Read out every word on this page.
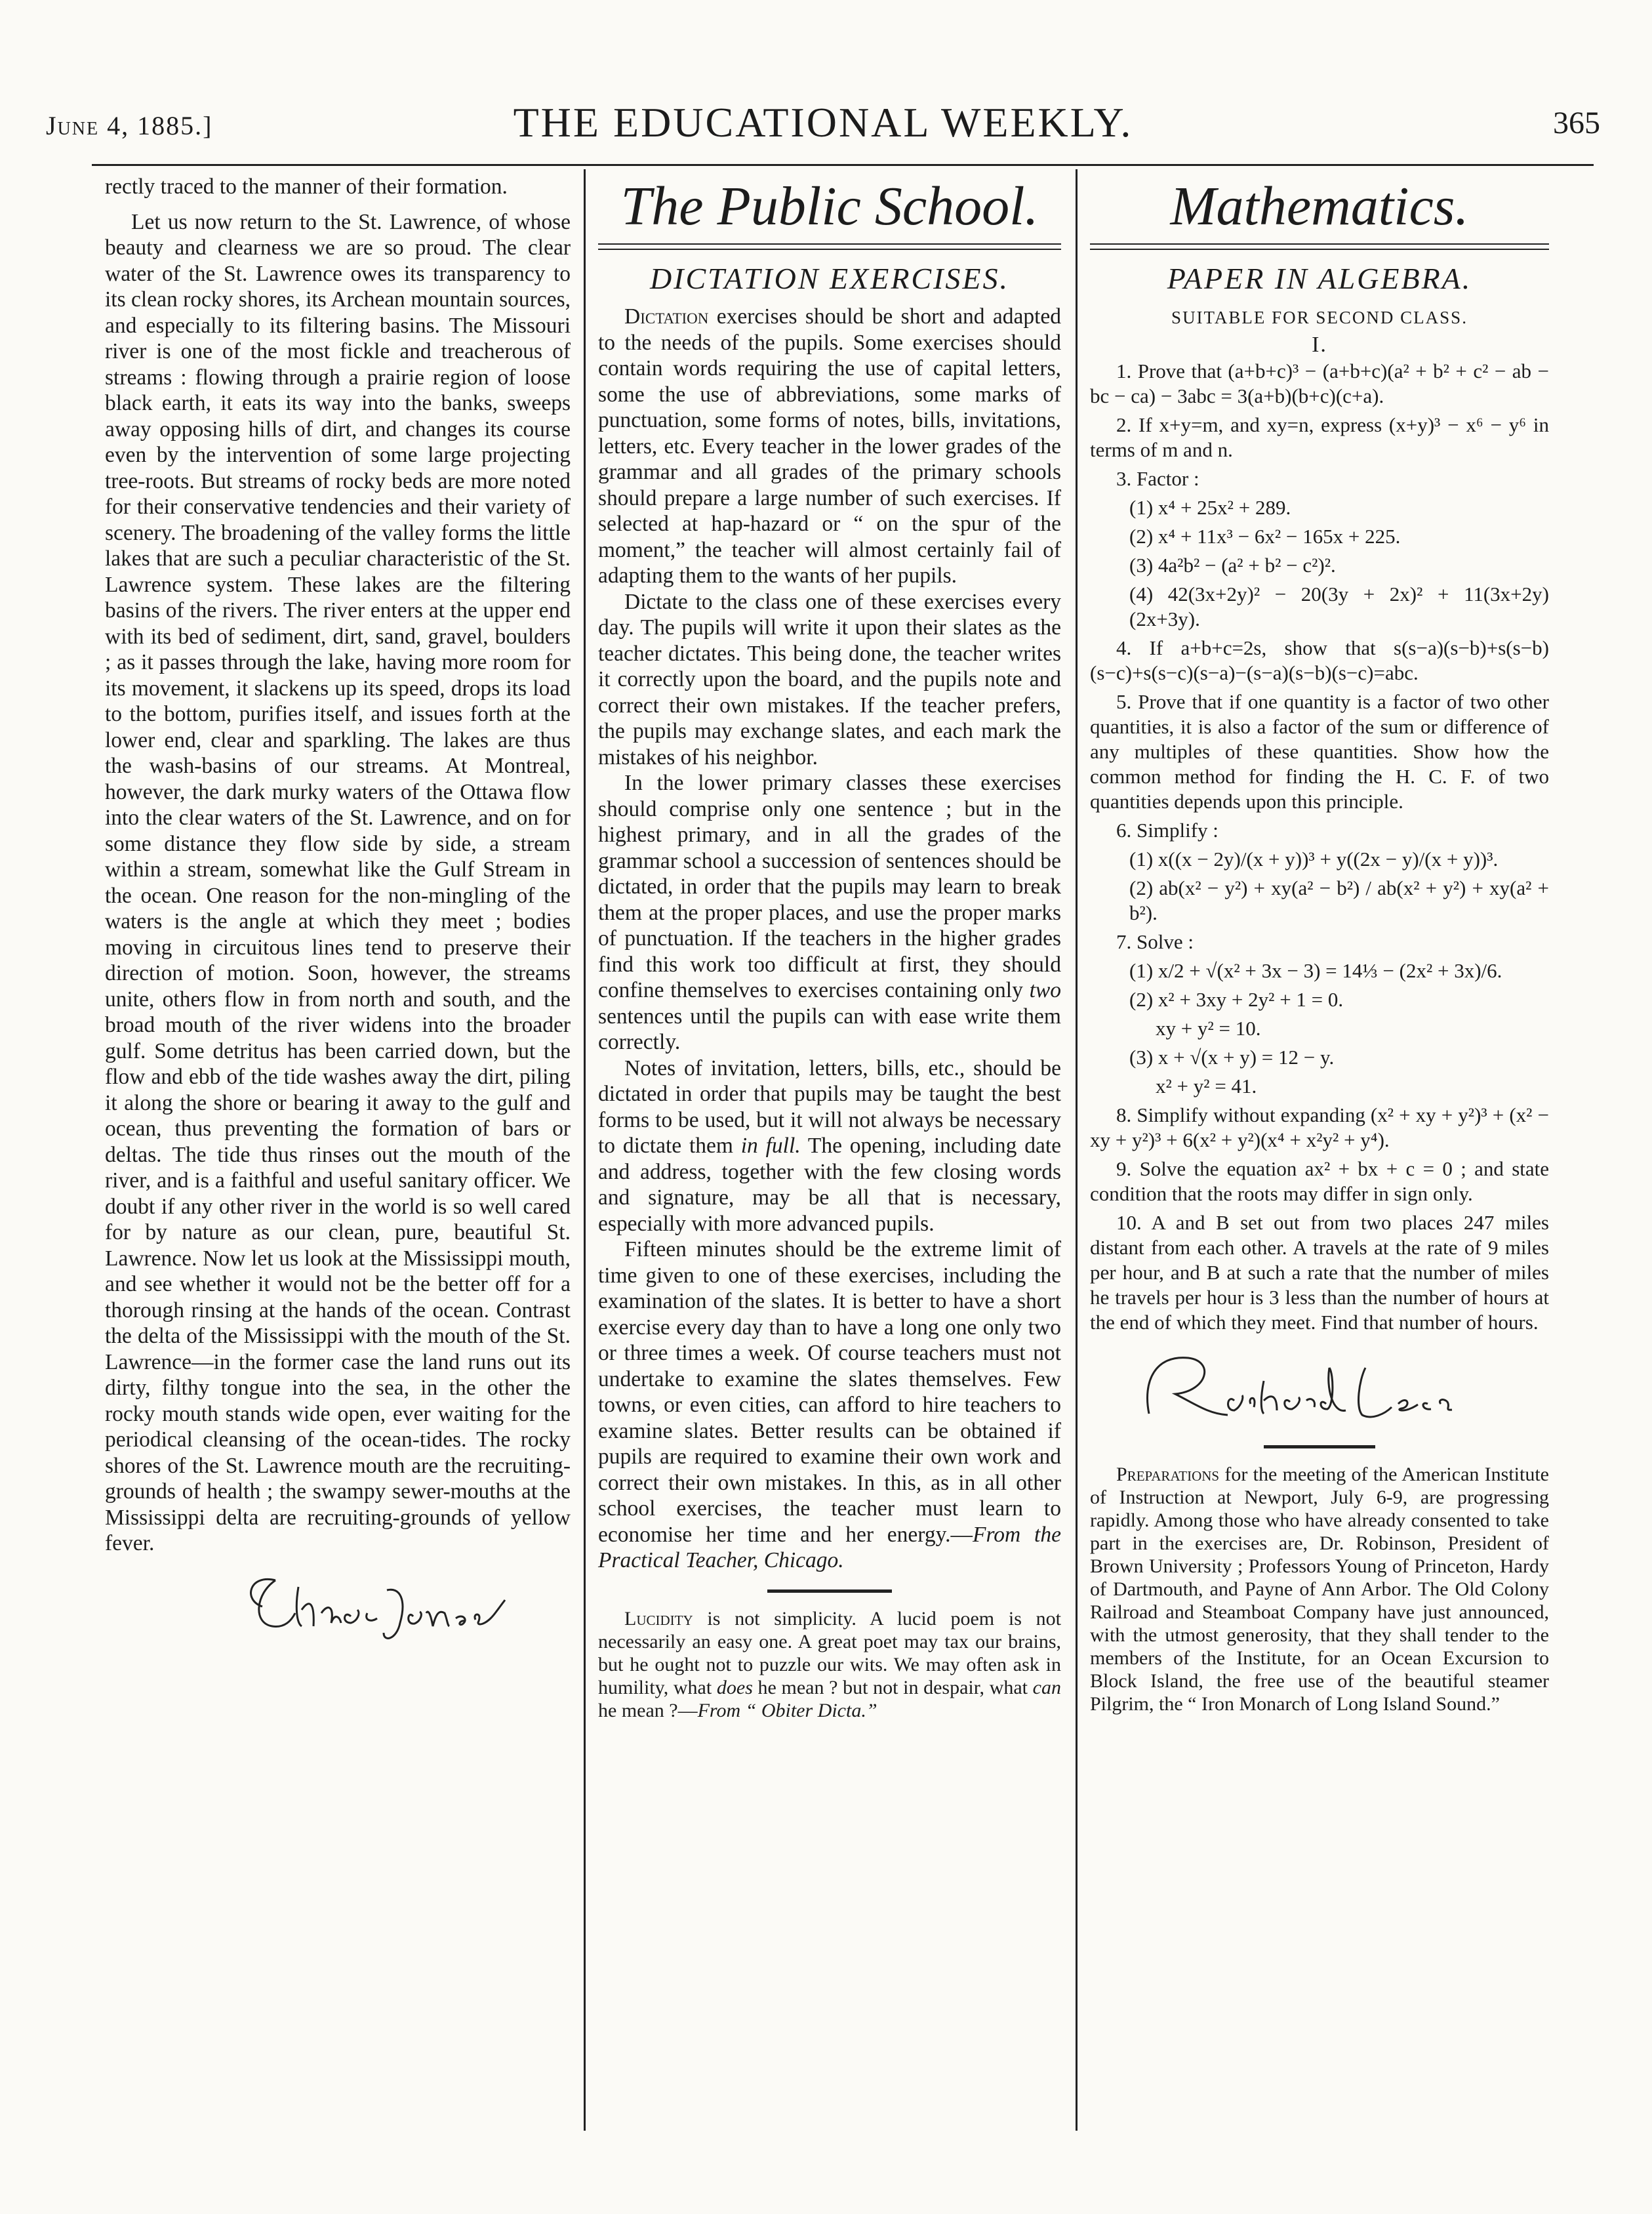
June 4, 1885.]	THE EDUCATIONAL WEEKLY.	365

rectly traced to the manner of their formation.

Let us now return to the St. Lawrence, of whose beauty and clearness we are so proud. The clear water of the St. Lawrence owes its transparency to its clean rocky shores, its Archean mountain sources, and especially to its filtering basins. The Missouri river is one of the most fickle and treacherous of streams : flowing through a prairie region of loose black earth, it eats its way into the banks, sweeps away opposing hills of dirt, and changes its course even by the intervention of some large projecting tree-roots. But streams of rocky beds are more noted for their conservative tendencies and their variety of scenery. The broadening of the valley forms the little lakes that are such a peculiar characteristic of the St. Lawrence system. These lakes are the filtering basins of the rivers. The river enters at the upper end with its bed of sediment, dirt, sand, gravel, boulders ; as it passes through the lake, having more room for its movement, it slackens up its speed, drops its load to the bottom, purifies itself, and issues forth at the lower end, clear and sparkling. The lakes are thus the wash-basins of our streams. At Montreal, however, the dark murky waters of the Ottawa flow into the clear waters of the St. Lawrence, and on for some distance they flow side by side, a stream within a stream, somewhat like the Gulf Stream in the ocean. One reason for the non-mingling of the waters is the angle at which they meet ; bodies moving in circuitous lines tend to preserve their direction of motion. Soon, however, the streams unite, others flow in from north and south, and the broad mouth of the river widens into the broader gulf. Some detritus has been carried down, but the flow and ebb of the tide washes away the dirt, piling it along the shore or bearing it away to the gulf and ocean, thus preventing the formation of bars or deltas. The tide thus rinses out the mouth of the river, and is a faithful and useful sanitary officer. We doubt if any other river in the world is so well cared for by nature as our clean, pure, beautiful St. Lawrence. Now let us look at the Mississippi mouth, and see whether it would not be the better off for a thorough rinsing at the hands of the ocean. Contrast the delta of the Mississippi with the mouth of the St. Lawrence—in the former case the land runs out its dirty, filthy tongue into the sea, in the other the rocky mouth stands wide open, ever waiting for the periodical cleansing of the ocean-tides. The rocky shores of the St. Lawrence mouth are the recruiting-grounds of health ; the swampy sewer-mouths at the Mississippi delta are recruiting-grounds of yellow fever.

The Public School.
DICTATION EXERCISES.

Dictation exercises should be short and adapted to the needs of the pupils. Some exercises should contain words requiring the use of capital letters, some the use of abbreviations, some marks of punctuation, some forms of notes, bills, invitations, letters, etc. Every teacher in the lower grades of the grammar and all grades of the primary schools should prepare a large number of such exercises. If selected at hap-hazard or “ on the spur of the moment,” the teacher will almost certainly fail of adapting them to the wants of her pupils.

Dictate to the class one of these exercises every day. The pupils will write it upon their slates as the teacher dictates. This being done, the teacher writes it correctly upon the board, and the pupils note and correct their own mistakes. If the teacher prefers, the pupils may exchange slates, and each mark the mistakes of his neighbor.

In the lower primary classes these exercises should comprise only one sentence ; but in the highest primary, and in all the grades of the grammar school a succession of sentences should be dictated, in order that the pupils may learn to break them at the proper places, and use the proper marks of punctuation. If the teachers in the higher grades find this work too difficult at first, they should confine themselves to exercises containing only two sentences until the pupils can with ease write them correctly.

Notes of invitation, letters, bills, etc., should be dictated in order that pupils may be taught the best forms to be used, but it will not always be necessary to dictate them in full. The opening, including date and address, together with the few closing words and signature, may be all that is necessary, especially with more advanced pupils.

Fifteen minutes should be the extreme limit of time given to one of these exercises, including the examination of the slates. It is better to have a short exercise every day than to have a long one only two or three times a week. Of course teachers must not undertake to examine the slates themselves. Few towns, or even cities, can afford to hire teachers to examine slates. Better results can be obtained if pupils are required to examine their own work and correct their own mistakes. In this, as in all other school exercises, the teacher must learn to economise her time and her energy.—From the Practical Teacher, Chicago.

Lucidity is not simplicity. A lucid poem is not necessarily an easy one. A great poet may tax our brains, but he ought not to puzzle our wits. We may often ask in humility, what does he mean ? but not in despair, what can he mean ?—From “ Obiter Dicta.”

Mathematics.
PAPER IN ALGEBRA.
SUITABLE FOR SECOND CLASS.
I.

1. Prove that (a+b+c)³ − (a+b+c)(a² + b² + c² − ab − bc − ca) − 3abc = 3(a+b)(b+c)(c+a).

2. If x+y=m, and xy=n, express (x+y)³ − x⁶ − y⁶ in terms of m and n.

3. Factor :

(1) x⁴ + 25x² + 289.

(2) x⁴ + 11x³ − 6x² − 165x + 225.

(3) 4a²b² − (a² + b² − c²)².

(4) 42(3x+2y)² − 20(3y + 2x)² + 11(3x+2y)(2x+3y).

4. If a+b+c=2s, show that s(s−a)(s−b)+s(s−b)(s−c)+s(s−c)(s−a)−(s−a)(s−b)(s−c)=abc.

5. Prove that if one quantity is a factor of two other quantities, it is also a factor of the sum or difference of any multiples of these quantities. Show how the common method for finding the H. C. F. of two quantities depends upon this principle.

6. Simplify :

(1) x((x − 2y)/(x + y))³ + y((2x − y)/(x + y))³.

(2) ab(x² − y²) + xy(a² − b²) / ab(x² + y²) + xy(a² + b²).

7. Solve :

(1) x/2 + √(x² + 3x − 3) = 14⅓ − (2x² + 3x)/6.

(2) x² + 3xy + 2y² + 1 = 0.

xy + y² = 10.

(3) x + √(x + y) = 12 − y.

x² + y² = 41.

8. Simplify without expanding (x² + xy + y²)³ + (x² − xy + y²)³ + 6(x² + y²)(x⁴ + x²y² + y⁴).

9. Solve the equation ax² + bx + c = 0 ; and state condition that the roots may differ in sign only.

10. A and B set out from two places 247 miles distant from each other. A travels at the rate of 9 miles per hour, and B at such a rate that the number of miles he travels per hour is 3 less than the number of hours at the end of which they meet. Find that number of hours.

Preparations for the meeting of the American Institute of Instruction at Newport, July 6-9, are progressing rapidly. Among those who have already consented to take part in the exercises are, Dr. Robinson, President of Brown University ; Professors Young of Princeton, Hardy of Dartmouth, and Payne of Ann Arbor. The Old Colony Railroad and Steamboat Company have just announced, with the utmost generosity, that they shall tender to the members of the Institute, for an Ocean Excursion to Block Island, the free use of the beautiful steamer Pilgrim, the “ Iron Monarch of Long Island Sound.”
